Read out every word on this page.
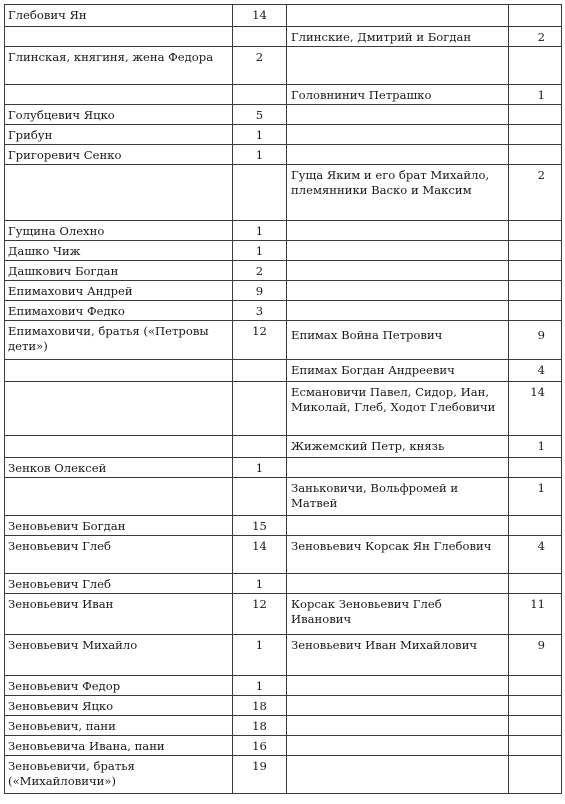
Глебович Ян	14		
		Глинские, Дмитрий и Богдан	2
Глинская, княгиня, жена Федора	2		
		Головнинич Петрашко	1
Голубцевич Яцко	5		
Грибун	1		
Григоревич Сенко	1		
		Гуща Яким и его брат Михайло, племянники Васко и Максим	2
Гущина Олехно	1		
Дашко Чиж	1		
Дашкович Богдан	2		
Епимахович Андрей	9		
Епимахович Федко	3		
Епимаховичи, братья («Петровы дети»)	12	Епимах Война Петрович	9
		Епимах Богдан Андреевич	4
		Есмановичи Павел, Сидор, Иан, Миколай, Глеб, Ходот Глебовичи	14
		Жижемский Петр, князь	1
Зенков Олексей	1		
		Заньковичи, Вольфромей и Матвей	1
Зеновьевич Богдан	15		
Зеновьевич Глеб	14	Зеновьевич Корсак Ян Глебович	4
Зеновьевич Глеб	1		
Зеновьевич Иван	12	Корсак Зеновьевич Глеб Иванович	11
Зеновьевич Михайло	1	Зеновьевич Иван Михайлович	9
Зеновьевич Федор	1		
Зеновьевич Яцко	18		
Зеновьевич, пани	18		
Зеновьевича Ивана, пани	16		
Зеновьевичи, братья («Михайловичи»)	19		
